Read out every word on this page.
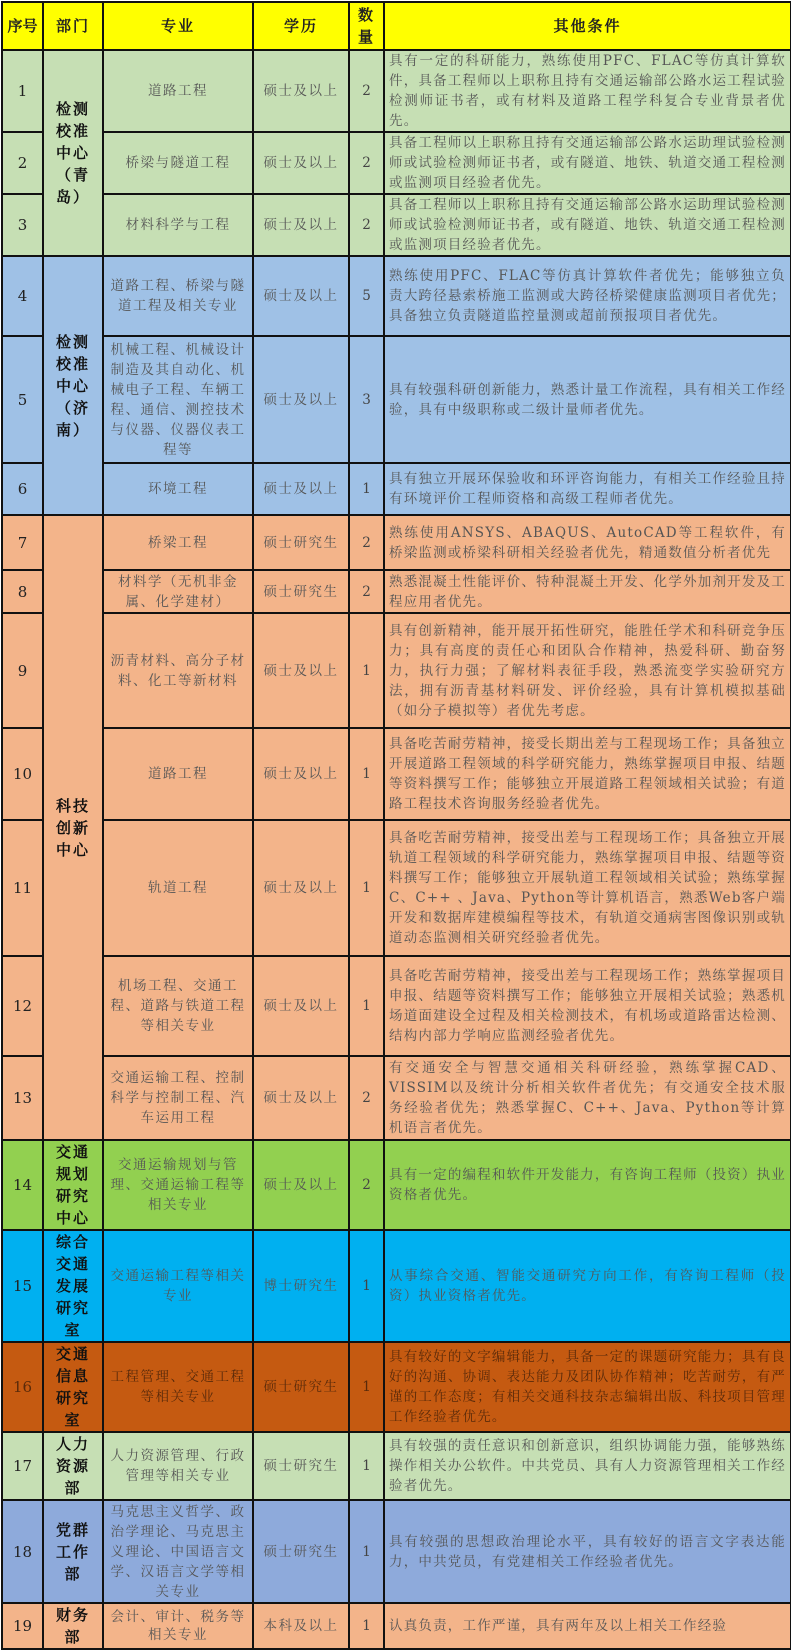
序号	部门	专业	学历	数量	其他条件
1	检测校准中心（青岛）	道路工程	硕士及以上	2	具有一定的科研能力，熟练使用PFC、FLAC等仿真计算软件，具备工程师以上职称且持有交通运输部公路水运工程试验检测师证书者，或有材料及道路工程学科复合专业背景者优先。
2		桥梁与隧道工程	硕士及以上	2	具备工程师以上职称且持有交通运输部公路水运助理试验检测师或试验检测师证书者，或有隧道、地铁、轨道交通工程检测或监测项目经验者优先。
3		材料科学与工程	硕士及以上	2	具备工程师以上职称且持有交通运输部公路水运助理试验检测师或试验检测师证书者，或有隧道、地铁、轨道交通工程检测或监测项目经验者优先。
4	检测校准中心（济南）	道路工程、桥梁与隧道工程及相关专业	硕士及以上	5	熟练使用PFC、FLAC等仿真计算软件者优先；能够独立负责大跨径悬索桥施工监测或大跨径桥梁健康监测项目者优先；具备独立负责隧道监控量测或超前预报项目者优先。
5		机械工程、机械设计制造及其自动化、机械电子工程、车辆工程、通信、测控技术与仪器、仪器仪表工程等	硕士及以上	3	具有较强科研创新能力，熟悉计量工作流程，具有相关工作经验，具有中级职称或二级计量师者优先。
6		环境工程	硕士及以上	1	具有独立开展环保验收和环评咨询能力，有相关工作经验且持有环境评价工程师资格和高级工程师者优先。
7	科技创新中心	桥梁工程	硕士研究生	2	熟练使用ANSYS、ABAQUS、AutoCAD等工程软件，有桥梁监测或桥梁科研相关经验者优先，精通数值分析者优先
8		材料学（无机非金属、化学建材）	硕士研究生	2	熟悉混凝土性能评价、特种混凝土开发、化学外加剂开发及工程应用者优先。
9		沥青材料、高分子材料、化工等新材料	硕士及以上	1	具有创新精神，能开展开拓性研究，能胜任学术和科研竞争压力；具有高度的责任心和团队合作精神，热爱科研、勤奋努力，执行力强；了解材料表征手段，熟悉流变学实验研究方法，拥有沥青基材料研发、评价经验，具有计算机模拟基础（如分子模拟等）者优先考虑。
10		道路工程	硕士及以上	1	具备吃苦耐劳精神，接受长期出差与工程现场工作；具备独立开展道路工程领域的科学研究能力，熟练掌握项目申报、结题等资料撰写工作；能够独立开展道路工程领域相关试验；有道路工程技术咨询服务经验者优先。
11		轨道工程	硕士及以上	1	具备吃苦耐劳精神，接受出差与工程现场工作；具备独立开展轨道工程领域的科学研究能力，熟练掌握项目申报、结题等资料撰写工作；能够独立开展轨道工程领域相关试验；熟练掌握C、C++ 、Java、Python等计算机语言，熟悉Web客户端开发和数据库建模编程等技术，有轨道交通病害图像识别或轨道动态监测相关研究经验者优先。
12		机场工程、交通工程、道路与铁道工程等相关专业	硕士及以上	1	具备吃苦耐劳精神，接受出差与工程现场工作；熟练掌握项目申报、结题等资料撰写工作；能够独立开展相关试验；熟悉机场道面建设全过程及相关检测技术，有机场或道路雷达检测、结构内部力学响应监测经验者优先。
13		交通运输工程、控制科学与控制工程、汽车运用工程	硕士及以上	2	有交通安全与智慧交通相关科研经验，熟练掌握CAD、VISSIM以及统计分析相关软件者优先；有交通安全技术服务经验者优先；熟悉掌握C、C++、Java、Python等计算机语言者优先。
14	交通规划研究中心	交通运输规划与管理、交通运输工程等相关专业	硕士及以上	2	具有一定的编程和软件开发能力，有咨询工程师（投资）执业资格者优先。
15	综合交通发展研究室	交通运输工程等相关专业	博士研究生	1	从事综合交通、智能交通研究方向工作，有咨询工程师（投资）执业资格者优先。
16	交通信息研究室	工程管理、交通工程等相关专业	硕士研究生	1	具有较好的文字编辑能力，具备一定的课题研究能力；具有良好的沟通、协调、表达能力及团队协作精神；吃苦耐劳，有严谨的工作态度；有相关交通科技杂志编辑出版、科技项目管理工作经验者优先。
17	人力资源部	人力资源管理、行政管理等相关专业	硕士研究生	1	具有较强的责任意识和创新意识，组织协调能力强，能够熟练操作相关办公软件。中共党员、具有人力资源管理相关工作经验者优先。
18	党群工作部	马克思主义哲学、政治学理论、马克思主义理论、中国语言文学、汉语言文学等相关专业	硕士研究生	1	具有较强的思想政治理论水平，具有较好的语言文字表达能力，中共党员，有党建相关工作经验者优先。
19	财务部	会计、审计、税务等相关专业	本科及以上	1	认真负责，工作严谨，具有两年及以上相关工作经验
